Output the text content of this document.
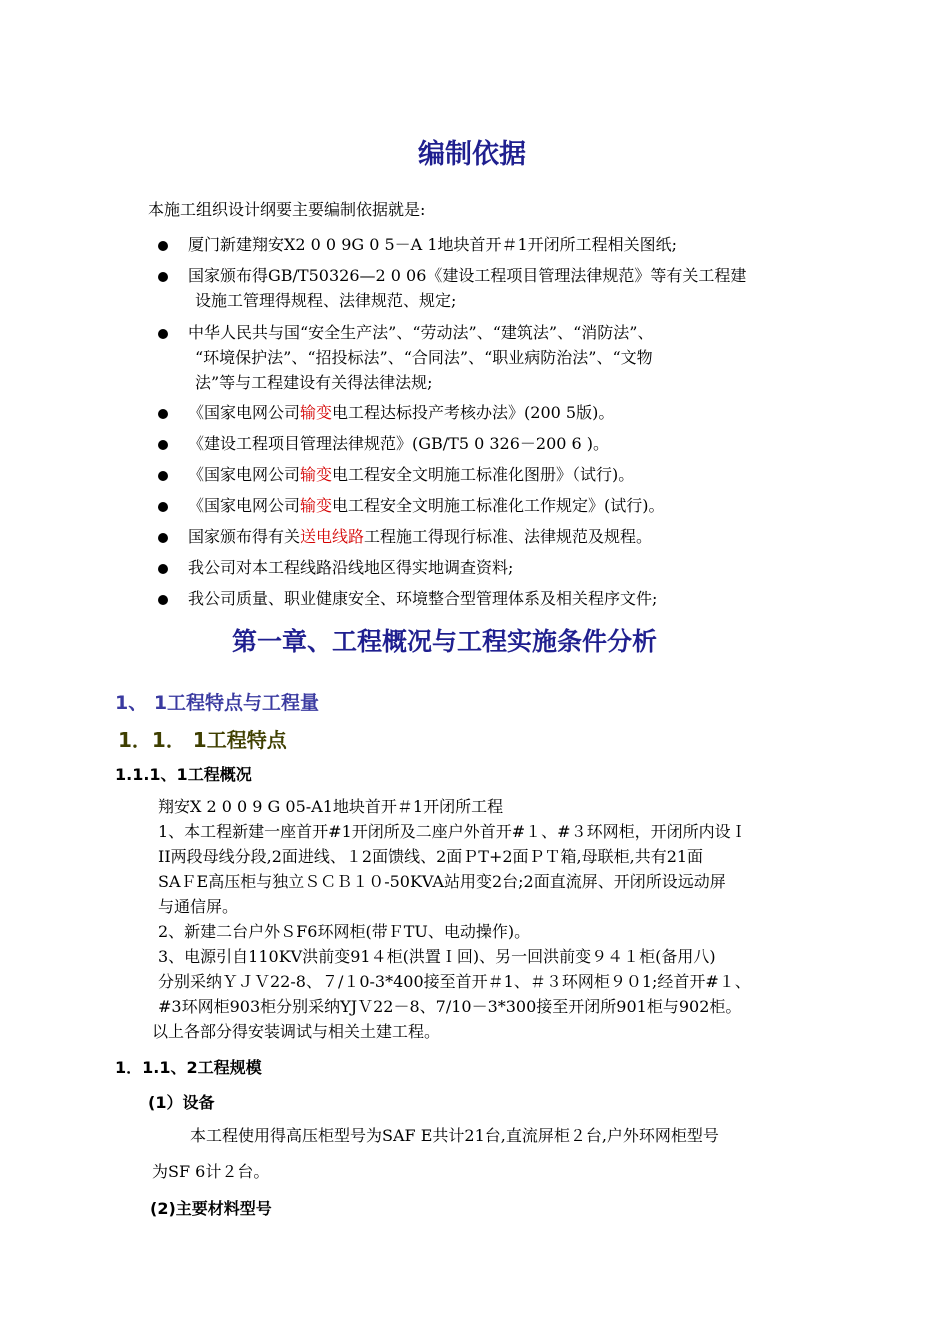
编制依据
本施工组织设计纲要主要编制依据就是:
厦门新建翔安X2 0 0 9G 0 5－A 1地块首开＃1开闭所工程相关图纸;
国家颁布得GB/T50326—2 0 06《建设工程项目管理法律规范》等有关工程建
设施工管理得规程、法律规范、规定;
中华人民共与国“安全生产法”、“劳动法”、“建筑法”、“消防法”、
“环境保护法”、“招投标法”、“合同法”、“职业病防治法”、“文物
法”等与工程建设有关得法律法规;
《国家电网公司输变电工程达标投产考核办法》(200 5版)。
《建设工程项目管理法律规范》(GB/T5 0 326－200 6 )。
《国家电网公司输变电工程安全文明施工标准化图册》（试行)。
《国家电网公司输变电工程安全文明施工标准化工作规定》(试行)。
国家颁布得有关送电线路工程施工得现行标准、法律规范及规程。
我公司对本工程线路沿线地区得实地调查资料;
我公司质量、职业健康安全、环境整合型管理体系及相关程序文件;
第一章、工程概况与工程实施条件分析
1、 1工程特点与工程量
1．1． 1工程特点
1.1.1、1工程概况
翔安X 2 0 0 9 G 05-A1地块首开＃1开闭所工程
1、本工程新建一座首开#1开闭所及二座户外首开#１、#３环网柜，开闭所内设Ｉ
II两段母线分段,2面进线、１2面馈线、2面ＰT+2面ＰＴ箱,母联柜,共有21面
SAＦE高压柜与独立ＳＣＢ１０-50KVA站用变2台;2面直流屏、开闭所设远动屏
与通信屏。
2、新建二台户外ＳF6环网柜(带ＦTU、电动操作)。
3、电源引自110KV洪前变91４柜(洪置Ｉ回)、另一回洪前变９４１柜(备用八)
分别采纳ＹＪＶ22-8、７/１0-3*400接至首开＃1、＃３环网柜９０1;经首开#１、
#3环网柜903柜分别采纳YJＶ22－8、7/10－3*300接至开闭所901柜与902柜。
以上各部分得安装调试与相关土建工程。
1．1.1、2工程规模
(1）设备
本工程使用得高压柜型号为SAF E共计21台,直流屏柜２台,户外环网柜型号
为SF 6计２台。
(2)主要材料型号
